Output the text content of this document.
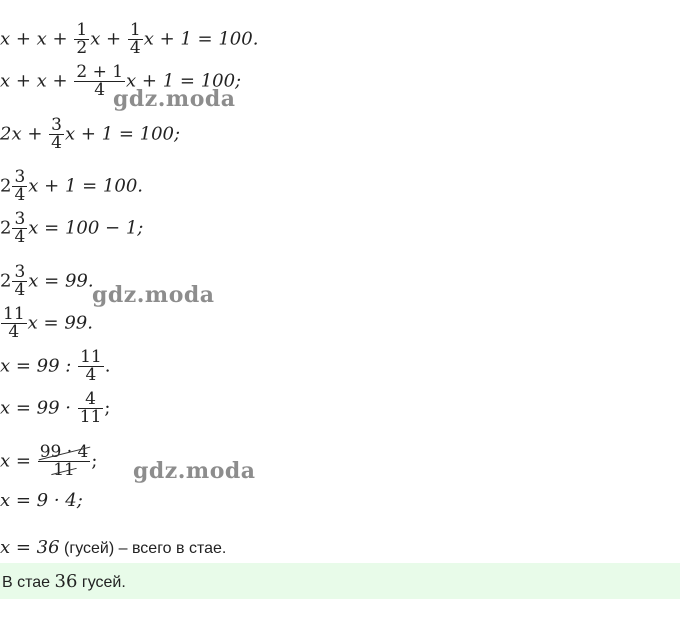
$x + x + \frac{1}{2}$ $x + \frac{1}{4}$ x + 1 = 100.
$x + x + \frac{2 + 1}{4}$ x + 1 = 100;
$2x + \frac{3}{4}$ x + 1 = 100;
$2 \frac{3}{4}$ x + 1 = 100.
$2 \frac{3}{4}$ x = 100 − 1;
$2 \frac{3}{4}$ x = 99.
$\frac{11}{4}$ x = 99.
x = 99 : $\frac{11}{4}$ .
$x = 99 \cdot \frac{4}{11}$ ;
$x = \frac{99 \cdot 4}{11}$ ;
x = 9 · 4;
x = 36 (гусей) – всего в стае.
gdz.moda
gdz.moda
gdz.moda
В стае 36 гусей.
